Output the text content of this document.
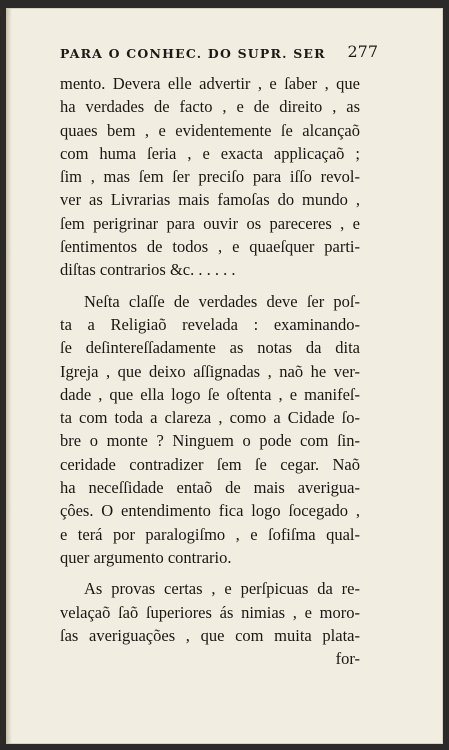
PARA O CONHEC. DO SUPR. SER 277
mento. Devera elle advertir , e ſaber , que
ha verdades de facto , e de direito , as
quaes bem , e evidentemente ſe alcançaõ
com huma ſeria , e exacta applicaçaõ ;
ſim , mas ſem ſer preciſo para iſſo revol-
ver as Livrarias mais famoſas do mundo ,
ſem perigrinar para ouvir os pareceres , e
ſentimentos de todos , e quaeſquer parti-
diſtas contrarios &c. . . . . .
Neſta claſſe de verdades deve ſer poſ-
ta a Religiaõ revelada : examinando-
ſe deſintereſſadamente as notas da dita
Igreja , que deixo aſſignadas , naõ he ver-
dade , que ella logo ſe oſtenta , e manifeſ-
ta com toda a clareza , como a Cidade ſo-
bre o monte ? Ninguem o pode com ſin-
ceridade contradizer ſem ſe cegar. Naõ
ha neceſſidade entaõ de mais averigua-
çôes. O entendimento fica logo ſocegado ,
e terá por paralogiſmo , e ſofiſma qual-
quer argumento contrario.
As provas certas , e perſpicuas da re-
velaçaõ ſaõ ſuperiores ás nimias , e moro-
ſas averiguações , que com muita plata-
for-
